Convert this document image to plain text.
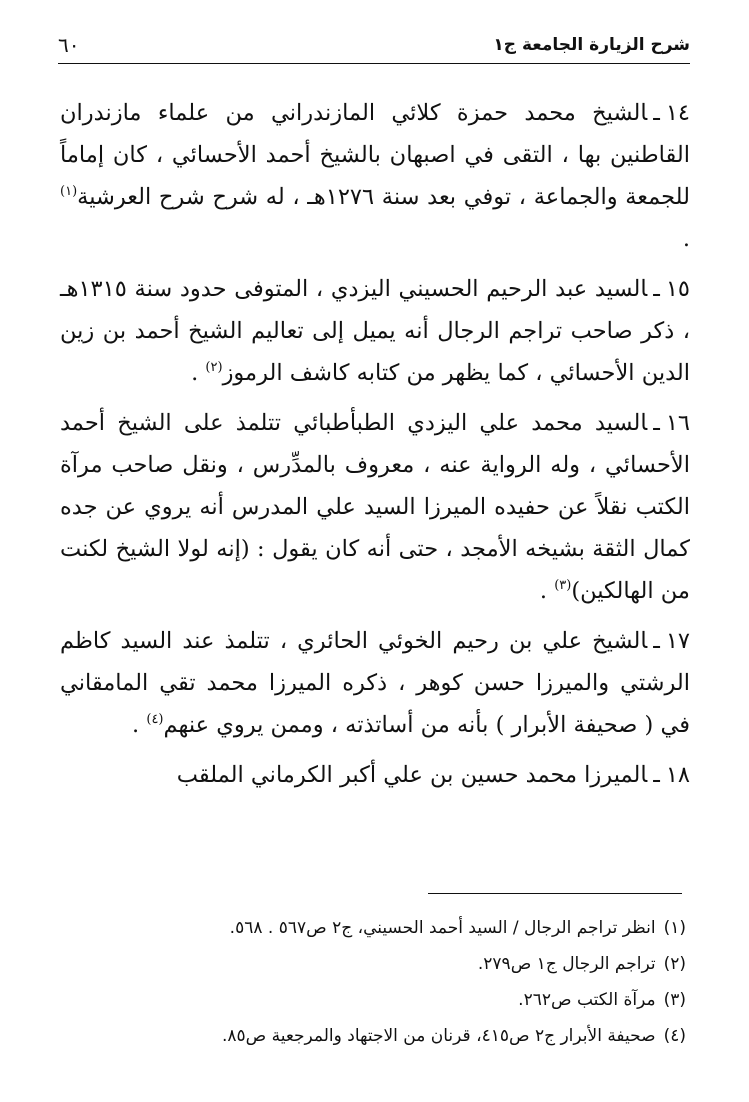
شرح الزيارة الجامعة ج١
٦٠

١٤ـالشيخ محمد حمزة كلائي المازندراني من علماء مازندران القاطنين بها ، التقى في اصبهان بالشيخ أحمد الأحسائي ، كان إماماً للجمعة والجماعة ، توفي بعد سنة ١٢٧٦هـ ، له شرح شرح العرشية$^{(١)}$ .

١٥ـالسيد عبد الرحيم الحسيني اليزدي ، المتوفى حدود سنة ١٣١٥هـ ، ذكر صاحب تراجم الرجال أنه يميل إلى تعاليم الشيخ أحمد بن زين الدين الأحسائي ، كما يظهر من كتابه كاشف الرموز$^{(٢)}$ .

١٦ـالسيد محمد علي اليزدي الطبأطبائي تتلمذ على الشيخ أحمد الأحسائي ، وله الرواية عنه ، معروف بالمدِّرس ، ونقل صاحب مرآة الكتب نقلاً عن حفيده الميرزا السيد علي المدرس أنه يروي عن جده كمال الثقة بشيخه الأمجد ، حتى أنه كان يقول : (إنه لولا الشيخ لكنت من الهالكين)$^{(٣)}$ .

١٧ـالشيخ علي بن رحيم الخوئي الحائري ، تتلمذ عند السيد كاظم الرشتي والميرزا حسن كوهر ، ذكره الميرزا محمد تقي المامقاني في ( صحيفة الأبرار ) بأنه من أساتذته ، وممن يروي عنهم$^{(٤)}$ .

١٨ـالميرزا محمد حسين بن علي أكبر الكرماني الملقب

(١)انظر تراجم الرجال / السيد أحمد الحسيني، ج٢ ص٥٦٧ . ٥٦٨.
(٢)تراجم الرجال ج١ ص٢٧٩.
(٣)مرآة الكتب ص٢٦٢.
(٤)صحيفة الأبرار ج٢ ص٤١٥، قرنان من الاجتهاد والمرجعية ص٨٥.
